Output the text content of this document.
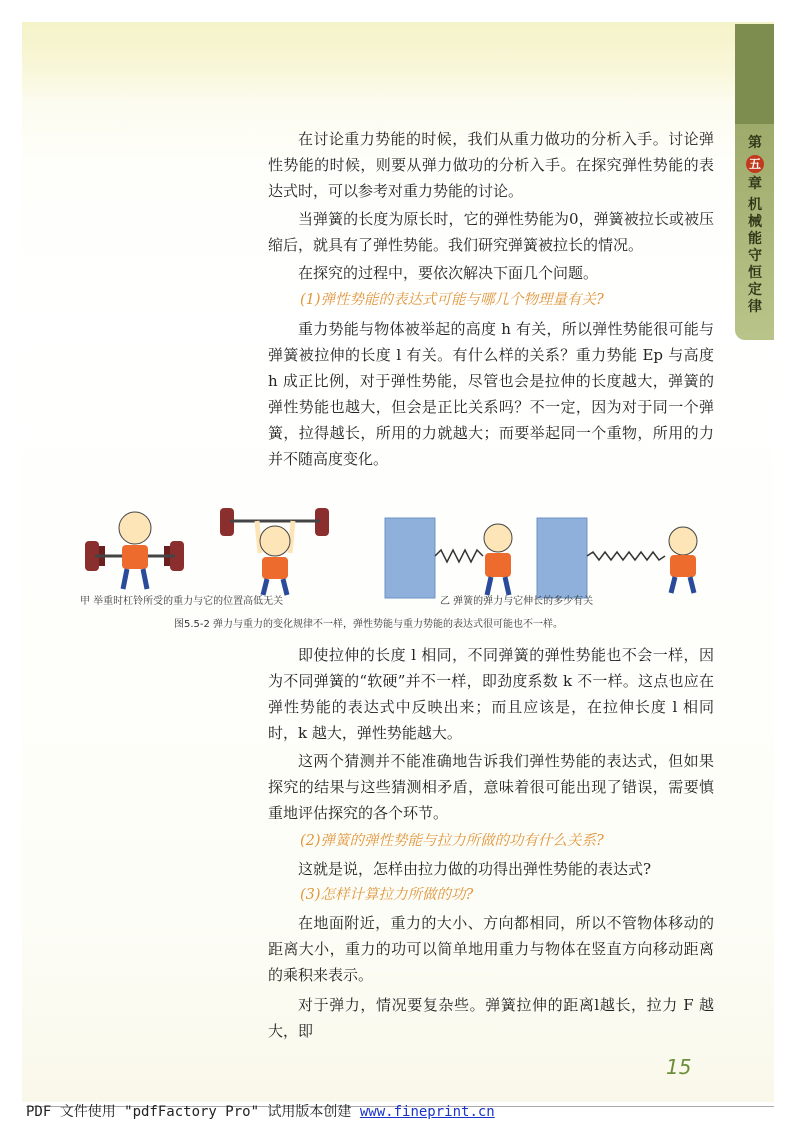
第
五
章
机
械
能
守
恒
定
律
在讨论重力势能的时候，我们从重力做功的分析入手。讨论弹性势能的时候，则要从弹力做功的分析入手。在探究弹性势能的表达式时，可以参考对重力势能的讨论。
当弹簧的长度为原长时，它的弹性势能为0，弹簧被拉长或被压缩后，就具有了弹性势能。我们研究弹簧被拉长的情况。
在探究的过程中，要依次解决下面几个问题。
(1)弹性势能的表达式可能与哪几个物理量有关?
重力势能与物体被举起的高度 h 有关，所以弹性势能很可能与弹簧被拉伸的长度 l 有关。有什么样的关系？重力势能 Ep 与高度 h 成正比例，对于弹性势能，尽管也会是拉伸的长度越大，弹簧的弹性势能也越大，但会是正比关系吗？不一定，因为对于同一个弹簧，拉得越长，所用的力就越大；而要举起同一个重物，所用的力并不随高度变化。
甲 举重时杠铃所受的重力与它的位置高低无关	乙 弹簧的弹力与它伸长的多少有关
图5.5-2 弹力与重力的变化规律不一样，弹性势能与重力势能的表达式很可能也不一样。
即使拉伸的长度 l 相同，不同弹簧的弹性势能也不会一样，因为不同弹簧的“软硬”并不一样，即劲度系数 k 不一样。这点也应在弹性势能的表达式中反映出来；而且应该是，在拉伸长度 l 相同时，k 越大，弹性势能越大。
这两个猜测并不能准确地告诉我们弹性势能的表达式，但如果探究的结果与这些猜测相矛盾，意味着很可能出现了错误，需要慎重地评估探究的各个环节。
(2)弹簧的弹性势能与拉力所做的功有什么关系?
这就是说，怎样由拉力做的功得出弹性势能的表达式?
(3)怎样计算拉力所做的功?
在地面附近，重力的大小、方向都相同，所以不管物体移动的距离大小，重力的功可以简单地用重力与物体在竖直方向移动距离的乘积来表示。
对于弹力，情况要复杂些。弹簧拉伸的距离l越长，拉力 F 越大，即
15
PDF 文件使用 "pdfFactory Pro" 试用版本创建 www.fineprint.cn
